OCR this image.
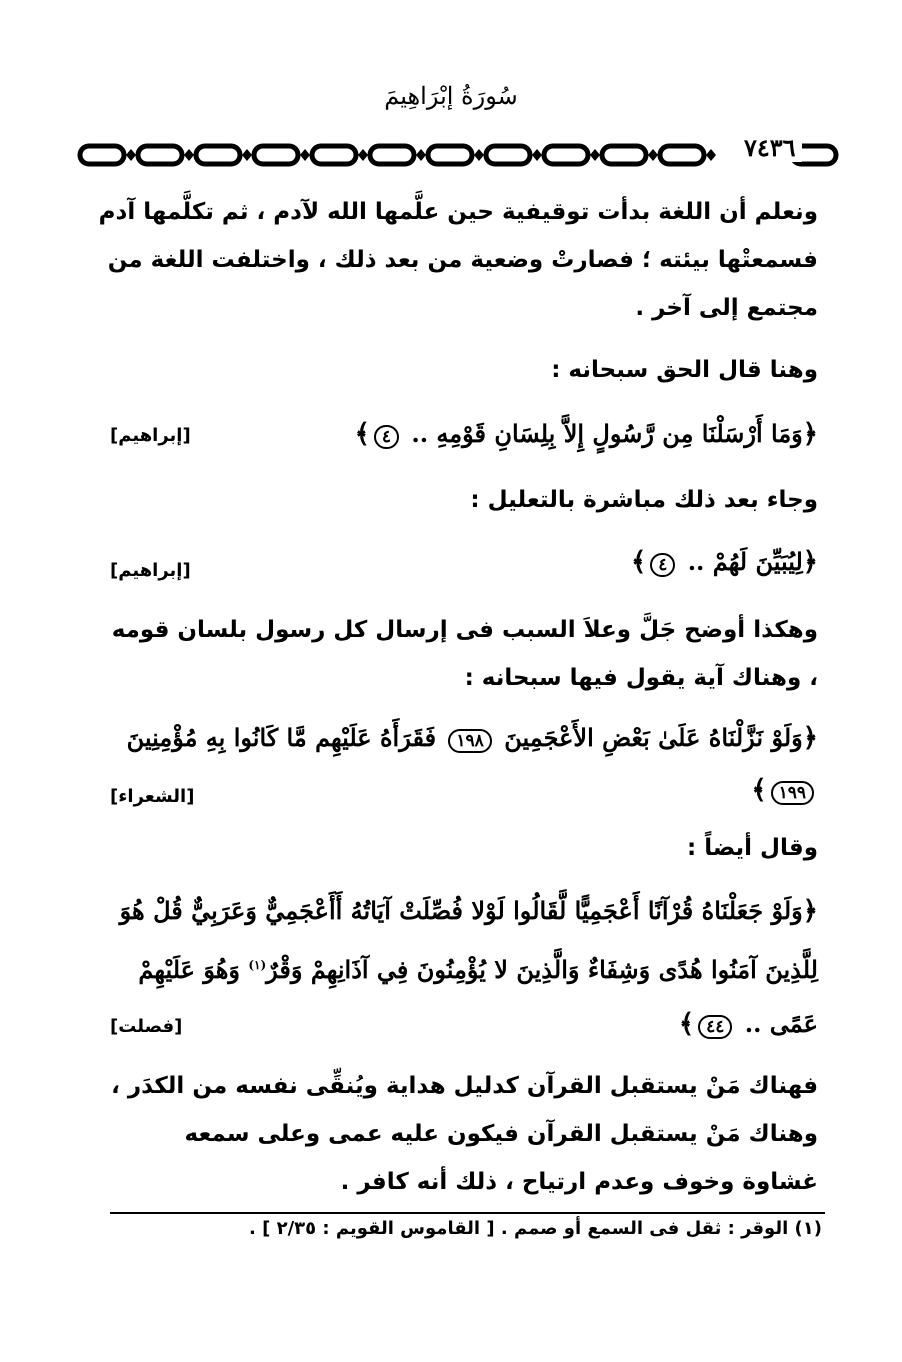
سُورَةُ إبْرَاهِيمَ
٧٤٣٦
ونعلم أن اللغة بدأت توقيفية حين علَّمها الله لآدم ، ثم تكلَّمها آدم فسمعتْها بيئته ؛ فصارتْ وضعية من بعد ذلك ، واختلفت اللغة من مجتمع إلى آخر .
وهنا قال الحق سبحانه :
﴿وَمَا أَرْسَلْنَا مِن رَّسُولٍ إِلاَّ بِلِسَانِ قَوْمِهِ .. ٤﴾
[إبراهيم]
وجاء بعد ذلك مباشرة بالتعليل :
﴿لِيُبَيِّنَ لَهُمْ .. ٤﴾
[إبراهيم]
وهكذا أوضح جَلَّ وعلاَ السبب فى إرسال كل رسول بلسان قومه ، وهناك آية يقول فيها سبحانه :
﴿وَلَوْ نَزَّلْنَاهُ عَلَىٰ بَعْضِ الأَعْجَمِينَ ١٩٨ فَقَرَأَهُ عَلَيْهِم مَّا كَانُوا بِهِ مُؤْمِنِينَ ١٩٩﴾
[الشعراء]
وقال أيضاً :
﴿وَلَوْ جَعَلْنَاهُ قُرْآنًا أَعْجَمِيًّا لَّقَالُوا لَوْلا فُصِّلَتْ آيَاتُهُ أَأَعْجَمِيٌّ وَعَرَبِيٌّ قُلْ هُوَ لِلَّذِينَ آمَنُوا هُدًى وَشِفَاءٌ وَالَّذِينَ لا يُؤْمِنُونَ فِي آذَانِهِمْ وَقْرٌ$^{(١)}$ وَهُوَ عَلَيْهِمْ عَمًى .. ٤٤﴾
[فصلت]
فهناك مَنْ يستقبل القرآن كدليل هداية ويُنقِّى نفسه من الكدَر ، وهناك مَنْ يستقبل القرآن فيكون عليه عمى وعلى سمعه غشاوة وخوف وعدم ارتياح ، ذلك أنه كافر .
(١) الوقر : ثقل فى السمع أو صمم . [ القاموس القويم : ٢/٣٥ ] .
